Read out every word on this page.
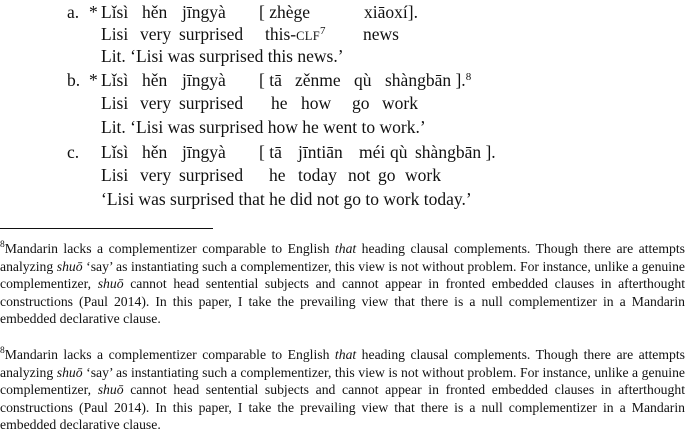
a. * Lǐsì hěn jīngyà [ zhège	xiāoxí].
Lisi very surprised this-CLF$^7$ news
Lit. ‘Lisi was surprised this news.’
b. * Lǐsì hěn jīngyà [ tā zěnme qù shàngbān ].$^8$
Lisi very surprised he how go work
Lit. ‘Lisi was surprised how he went to work.’
c. Lǐsì hěn jīngyà [ tā jīntiān méi qù shàngbān ].
Lisi very surprised he today not go work
‘Lisi was surprised that he did not go to work today.’
$^8$Mandarin lacks a complementizer comparable to English that heading clausal complements. Though there are attempts analyzing shuō ‘say’ as instantiating such a complementizer, this view is not without problem. For instance, unlike a genuine complementizer, shuō cannot head sentential subjects and cannot appear in fronted embedded clauses in afterthought constructions (Paul 2014). In this paper, I take the prevailing view that there is a null complementizer in a Mandarin embedded declarative clause.
$^8$Mandarin lacks a complementizer comparable to English that heading clausal complements. Though there are attempts analyzing shuō ‘say’ as instantiating such a complementizer, this view is not without problem. For instance, unlike a genuine complementizer, shuō cannot head sentential subjects and cannot appear in fronted embedded clauses in afterthought constructions (Paul 2014). In this paper, I take the prevailing view that there is a null complementizer in a Mandarin embedded declarative clause.
